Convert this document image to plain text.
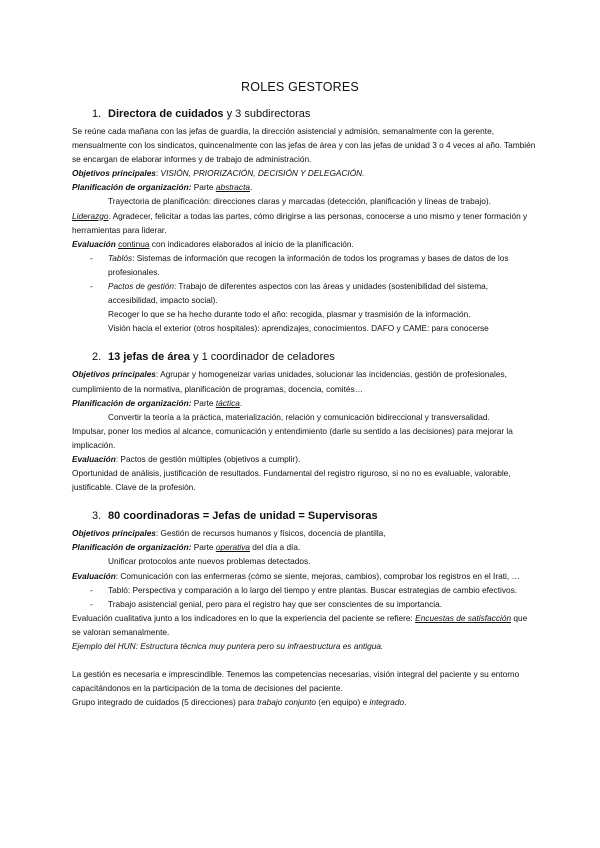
ROLES GESTORES
1. Directora de cuidados y 3 subdirectoras

Se reúne cada mañana con las jefas de guardia, la dirección asistencial y admisión, semanalmente con la gerente, mensualmente con los sindicatos, quincenalmente con las jefas de área y con las jefas de unidad 3 o 4 veces al año. También se encargan de elaborar informes y de trabajo de administración.

Objetivos principales: VISIÓN, PRIORIZACIÓN, DECISIÓN Y DELEGACIÓN.

Planificación de organización: Parte abstracta.

Trayectoria de planificación: direcciones claras y marcadas (detección, planificación y líneas de trabajo).

Liderazgo. Agradecer, felicitar a todas las partes, cómo dirigirse a las personas, conocerse a uno mismo y tener formación y herramientas para liderar.

Evaluación continua con indicadores elaborados al inicio de la planificación.

- Tablós: Sistemas de información que recogen la información de todos los programas y bases de datos de los profesionales.

- Pactos de gestión: Trabajo de diferentes aspectos con las áreas y unidades (sostenibilidad del sistema, accesibilidad, impacto social).

Recoger lo que se ha hecho durante todo el año: recogida, plasmar y trasmisión de la información.

Visión hacia el exterior (otros hospitales): aprendizajes, conocimientos. DAFO y CAME: para conocerse

2. 13 jefas de área y 1 coordinador de celadores

Objetivos principales: Agrupar y homogeneizar varias unidades, solucionar las incidencias, gestión de profesionales, cumplimiento de la normativa, planificación de programas, docencia, comités…

Planificación de organización: Parte táctica.

Convertir la teoría a la práctica, materialización, relación y comunicación bidireccional y transversalidad.

Impulsar, poner los medios al alcance, comunicación y entendimiento (darle su sentido a las decisiones) para mejorar la implicación.

Evaluación: Pactos de gestión múltiples (objetivos a cumplir).

Oportunidad de análisis, justificación de resultados. Fundamental del registro riguroso, si no no es evaluable, valorable, justificable. Clave de la profesión.

3. 80 coordinadoras = Jefas de unidad = Supervisoras

Objetivos principales: Gestión de recursos humanos y físicos, docencia de plantilla,

Planificación de organización: Parte operativa del día a día.

Unificar protocolos ante nuevos problemas detectados.

Evaluación: Comunicación con las enfermeras (cómo se siente, mejoras, cambios), comprobar los registros en el Irati, …

- Tabló: Perspectiva y comparación a lo largo del tiempo y entre plantas. Buscar estrategias de cambio efectivos.

- Trabajo asistencial genial, pero para el registro hay que ser conscientes de su importancia.

Evaluación cualitativa junto a los indicadores en lo que la experiencia del paciente se refiere: Encuestas de satisfacción que se valoran semanalmente.

Ejemplo del HUN: Estructura técnica muy puntera pero su infraestructura es antigua.

La gestión es necesaria e imprescindible. Tenemos las competencias necesarias, visión integral del paciente y su entorno capacitándonos en la participación de la toma de decisiones del paciente.

Grupo integrado de cuidados (5 direcciones) para trabajo conjunto (en equipo) e integrado.
